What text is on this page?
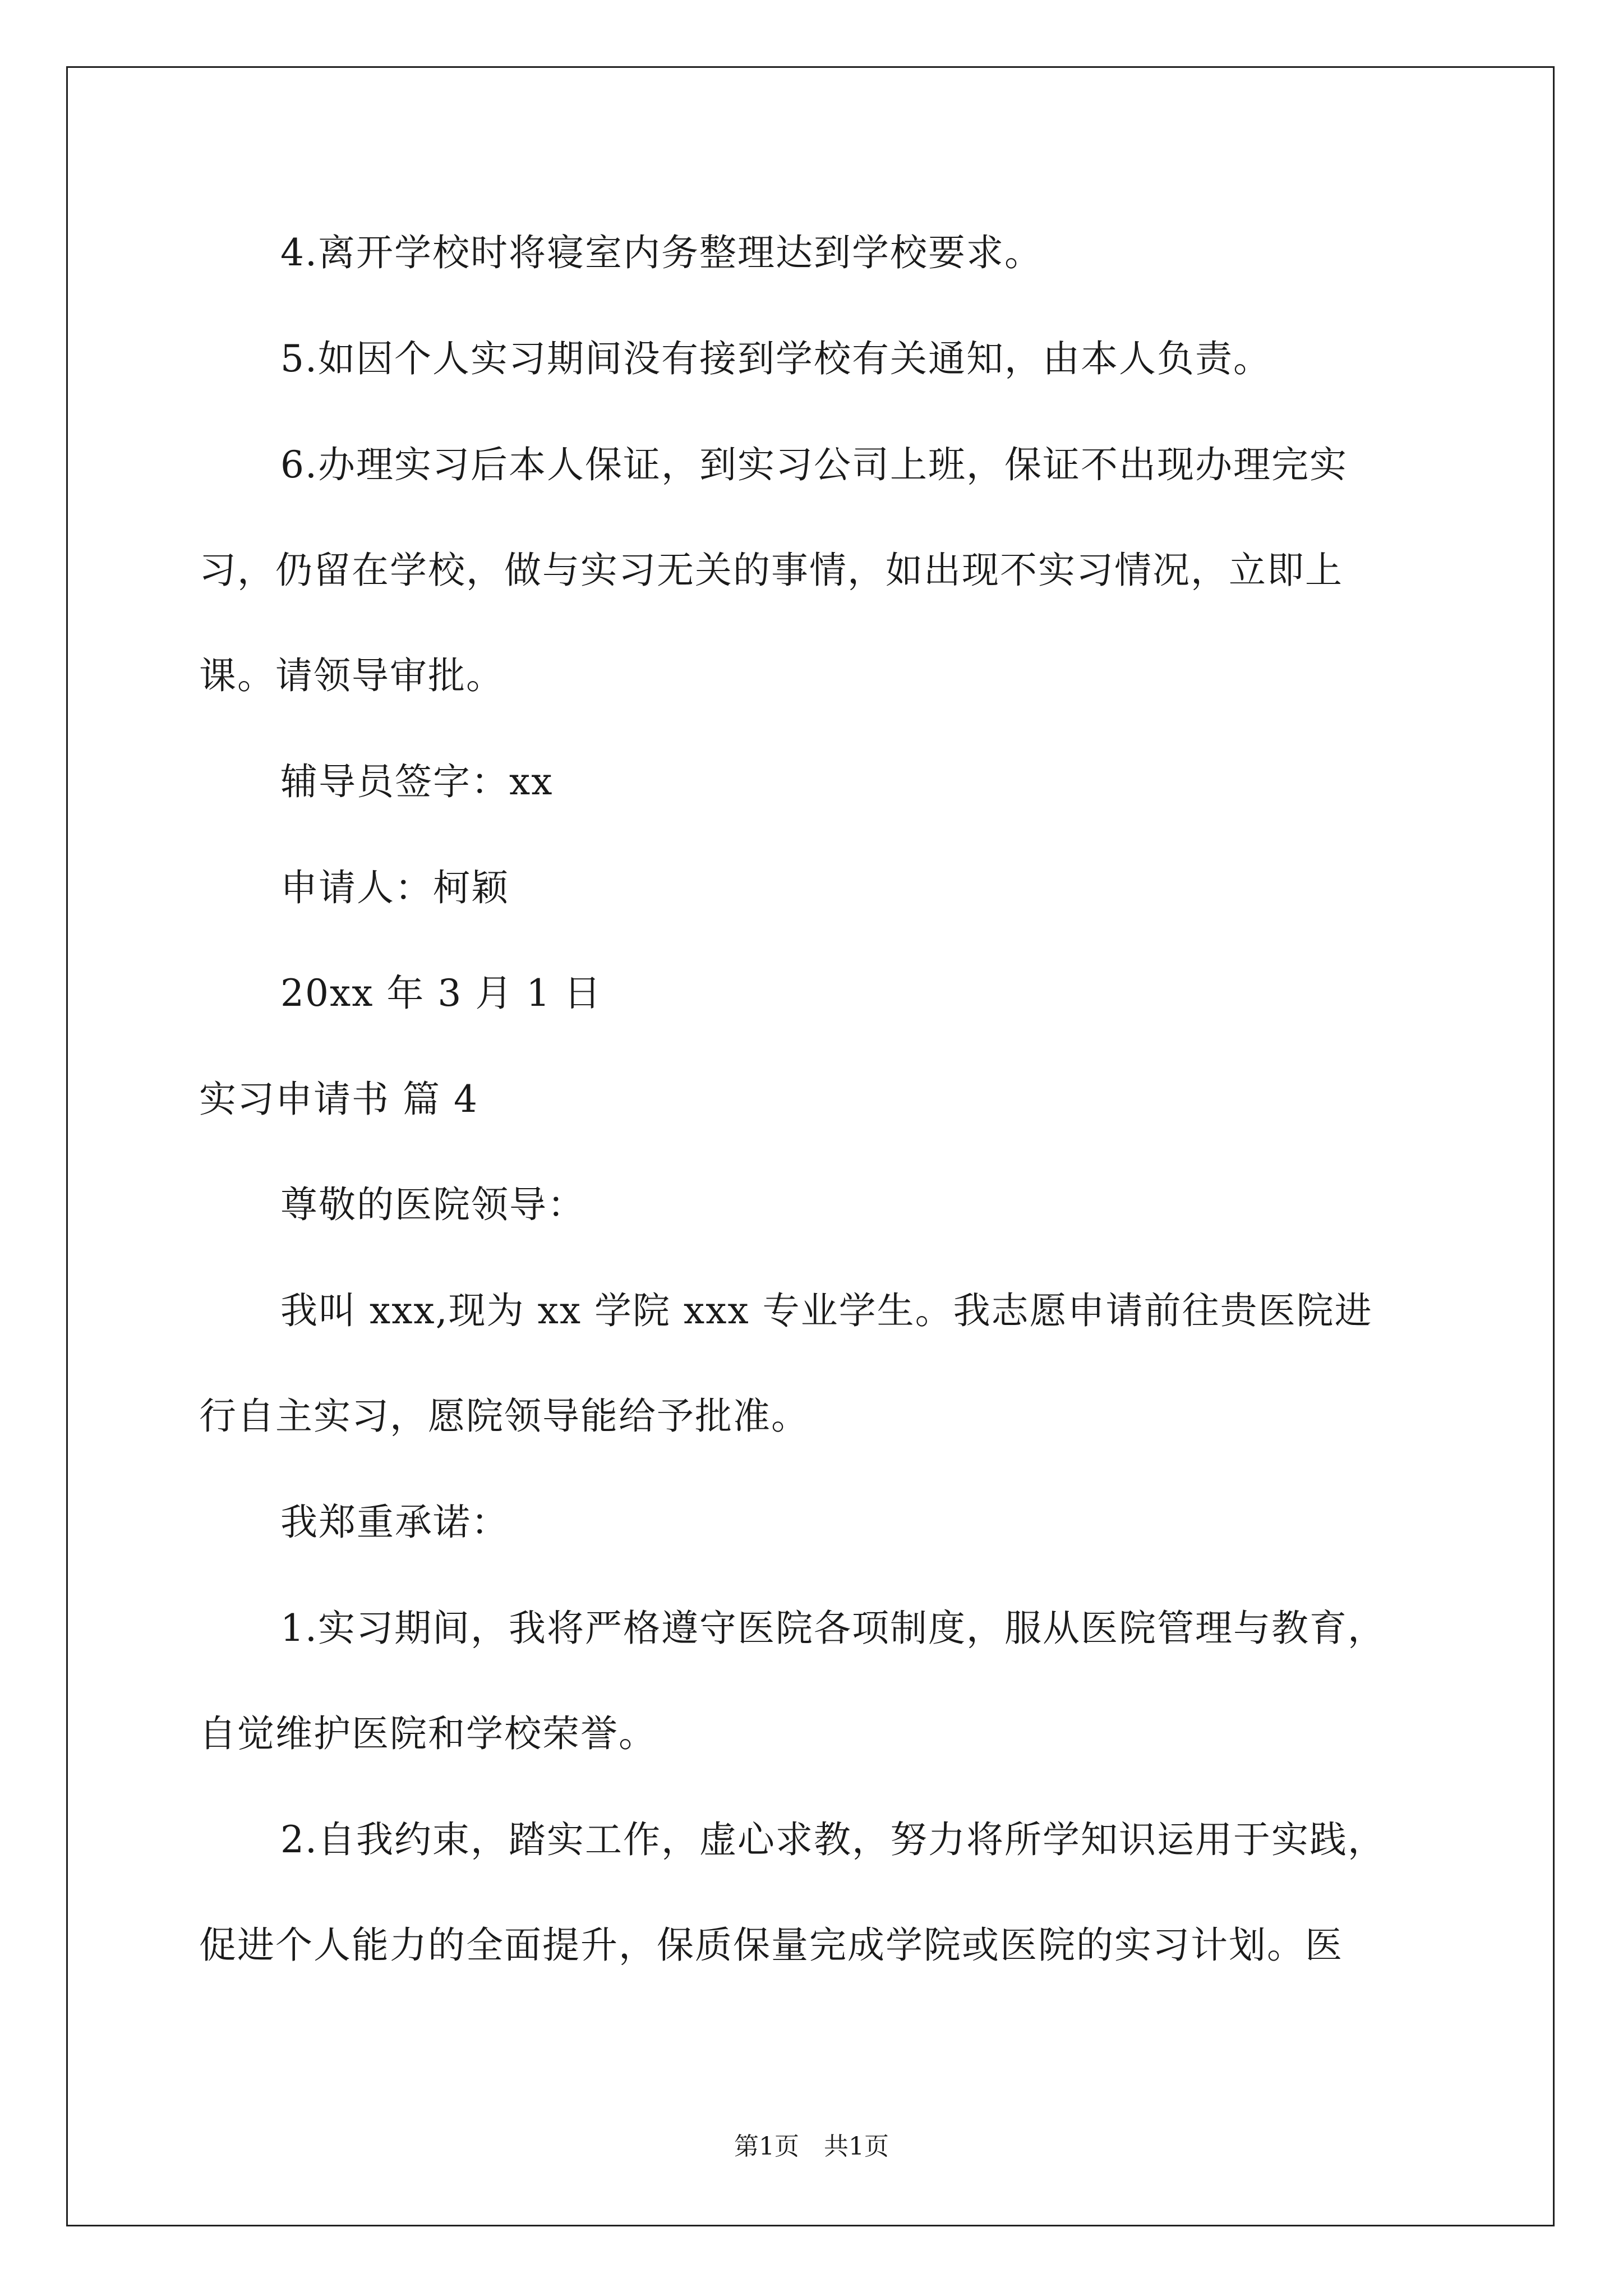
4.离开学校时将寝室内务整理达到学校要求。
5.如因个人实习期间没有接到学校有关通知，由本人负责。
6.办理实习后本人保证，到实习公司上班，保证不出现办理完实
习，仍留在学校，做与实习无关的事情，如出现不实习情况，立即上
课。请领导审批。
辅导员签字：xx
申请人：柯颖
20xx 年 3 月 1 日
实习申请书 篇 4
尊敬的医院领导：
我叫 xxx,现为 xx 学院 xxx 专业学生。我志愿申请前往贵医院进
行自主实习，愿院领导能给予批准。
我郑重承诺：
1.实习期间，我将严格遵守医院各项制度，服从医院管理与教育，
自觉维护医院和学校荣誉。
2.自我约束，踏实工作，虚心求教，努力将所学知识运用于实践，
促进个人能力的全面提升，保质保量完成学院或医院的实习计划。医
第1页　共1页
